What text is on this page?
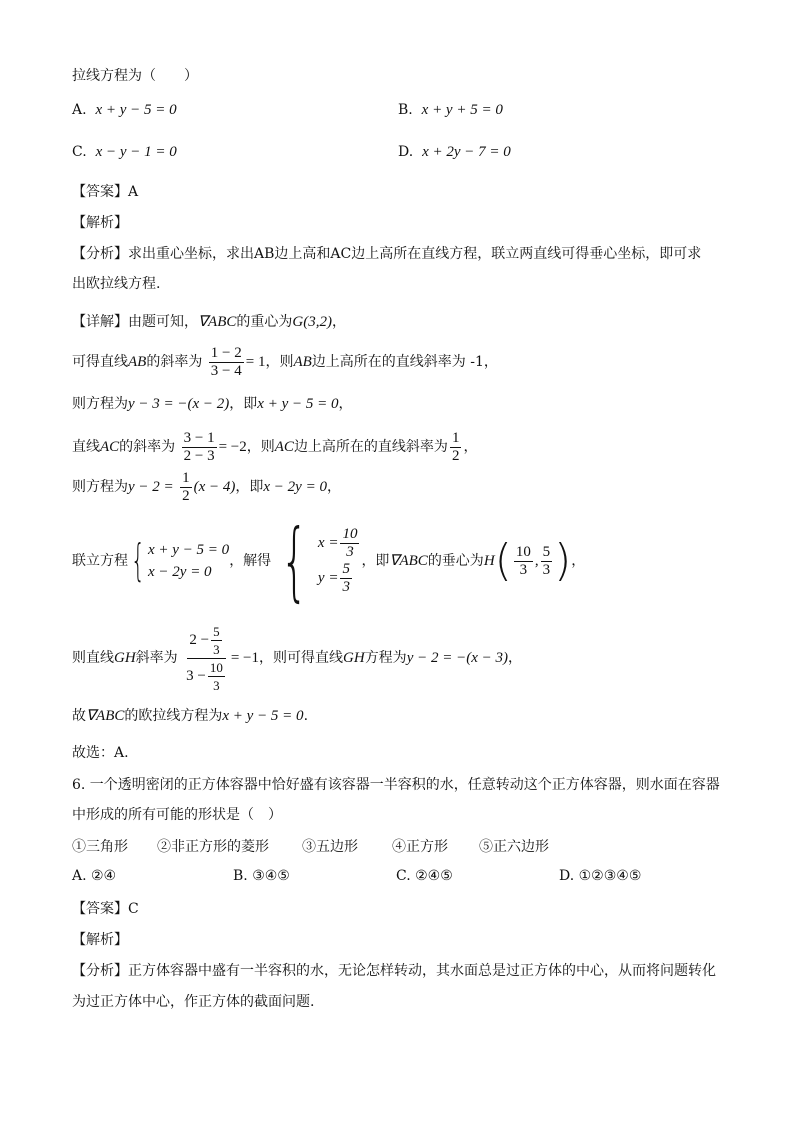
拉线方程为（　　）
A. x + y − 5 = 0	B. x + y + 5 = 0
C. x − y − 1 = 0	D. x + 2y − 7 = 0
【答案】A
【解析】
【分析】求出重心坐标，求出AB边上高和AC边上高所在直线方程，联立两直线可得垂心坐标，即可求
出欧拉线方程.
【详解】由题可知，∇ABC的重心为G(3,2)，
可得直线AB的斜率为 $\frac{1 - 2}{3 - 4} = 1$，则AB边上高所在的直线斜率为 -1，
则方程为y − 3 = −(x − 2)，即x + y − 5 = 0，
直线AC的斜率为 $\frac{3 - 1}{2 - 3} = -2$，则AC边上高所在的直线斜率为 $\frac{1}{2}$ ，
则方程为$y - 2 = \frac{1}{2} (x - 4)$，即x − 2y = 0，
联立方程{ x + y − 5 = 0
x − 2y = 0
，解得 { $x = \frac{10}{3}$
$y = \frac{5}{3}$ ，即∇ABC的垂心为$H( \frac{10}{3}$ , $\frac{5}{3}$ )，
则直线GH斜率为 $\frac{2 - \frac{5}{3}}{3 - \frac{10}{3}} = -1$，则可得直线GH方程为y − 2 = −(x − 3)，
故∇ABC的欧拉线方程为x + y − 5 = 0.
故选：A.
6. 一个透明密闭的正方体容器中恰好盛有该容器一半容积的水，任意转动这个正方体容器，则水面在容器
中形成的所有可能的形状是（　）
①三角形 ②非正方形的菱形 ③五边形 ④正方形 ⑤正六边形
A. ②④	B. ③④⑤	C. ②④⑤	D. ①②③④⑤
【答案】C
【解析】
【分析】正方体容器中盛有一半容积的水，无论怎样转动，其水面总是过正方体的中心，从而将问题转化
为过正方体中心，作正方体的截面问题.
